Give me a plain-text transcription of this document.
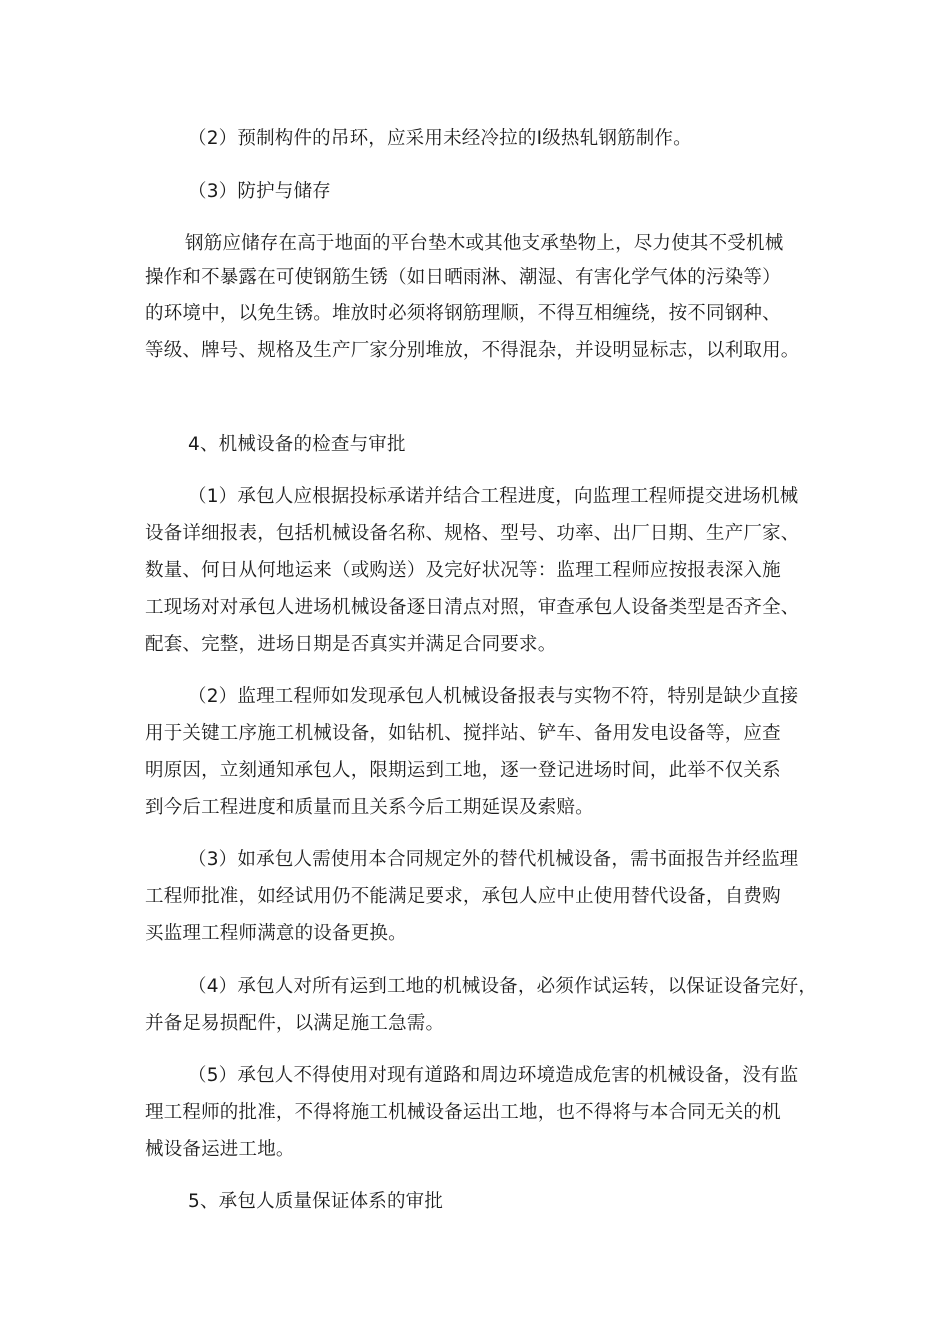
（2）预制构件的吊环，应采用未经冷拉的Ⅰ级热轧钢筋制作。
（3）防护与储存
钢筋应储存在高于地面的平台垫木或其他支承垫物上，尽力使其不受机械
操作和不暴露在可使钢筋生锈（如日晒雨淋、潮湿、有害化学气体的污染等）
的环境中，以免生锈。堆放时必须将钢筋理顺，不得互相缠绕，按不同钢种、
等级、牌号、规格及生产厂家分别堆放，不得混杂，并设明显标志，以利取用。
4、机械设备的检查与审批
（1）承包人应根据投标承诺并结合工程进度，向监理工程师提交进场机械
设备详细报表，包括机械设备名称、规格、型号、功率、出厂日期、生产厂家、
数量、何日从何地运来（或购送）及完好状况等：监理工程师应按报表深入施
工现场对对承包人进场机械设备逐日清点对照，审查承包人设备类型是否齐全、
配套、完整，进场日期是否真实并满足合同要求。
（2）监理工程师如发现承包人机械设备报表与实物不符，特别是缺少直接
用于关键工序施工机械设备，如钻机、搅拌站、铲车、备用发电设备等，应查
明原因，立刻通知承包人，限期运到工地，逐一登记进场时间，此举不仅关系
到今后工程进度和质量而且关系今后工期延误及索赔。
（3）如承包人需使用本合同规定外的替代机械设备，需书面报告并经监理
工程师批准，如经试用仍不能满足要求，承包人应中止使用替代设备，自费购
买监理工程师满意的设备更换。
（4）承包人对所有运到工地的机械设备，必须作试运转，以保证设备完好，
并备足易损配件，以满足施工急需。
（5）承包人不得使用对现有道路和周边环境造成危害的机械设备，没有监
理工程师的批准，不得将施工机械设备运出工地，也不得将与本合同无关的机
械设备运进工地。
5、承包人质量保证体系的审批
